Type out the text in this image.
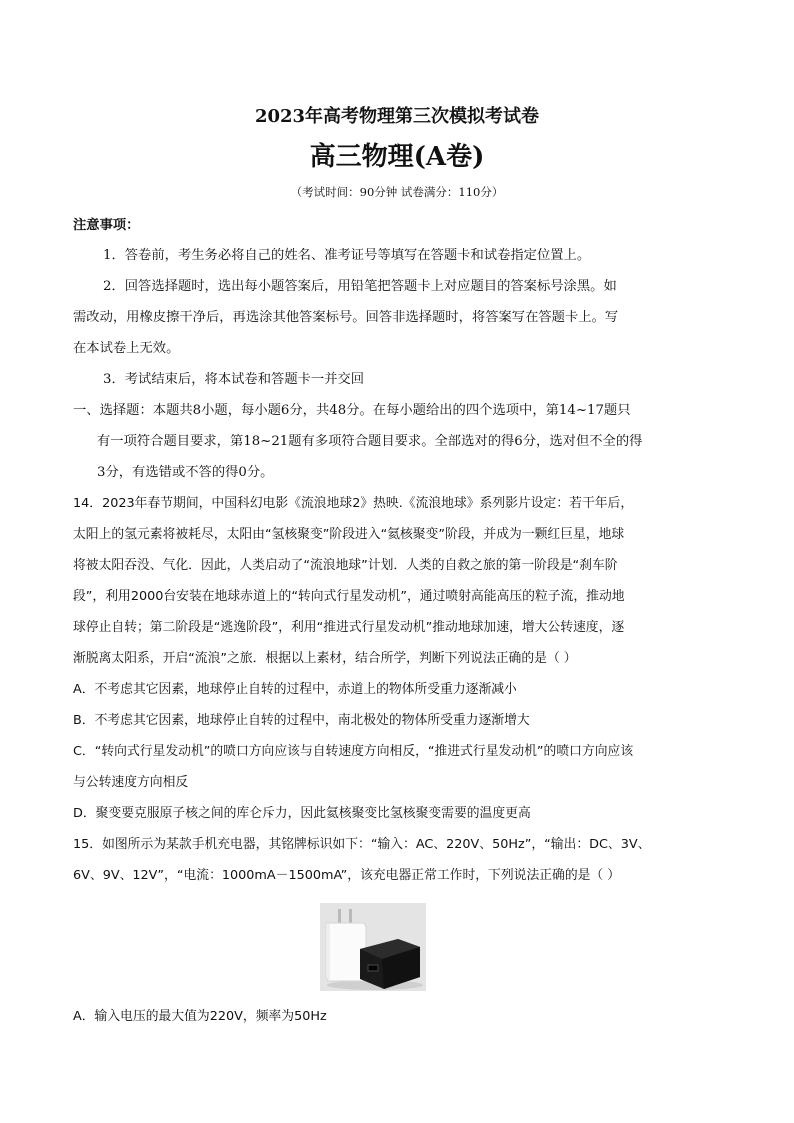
2023年高考物理第三次模拟考试卷
高三物理(A卷)
（考试时间：90分钟 试卷满分：110分）
注意事项：
1．答卷前，考生务必将自己的姓名、准考证号等填写在答题卡和试卷指定位置上。
2．回答选择题时，选出每小题答案后，用铅笔把答题卡上对应题目的答案标号涂黑。如
需改动，用橡皮擦干净后，再选涂其他答案标号。回答非选择题时，将答案写在答题卡上。写
在本试卷上无效。
3．考试结束后，将本试卷和答题卡一并交回
一、选择题：本题共8小题，每小题6分，共48分。在每小题给出的四个选项中，第14~17题只
有一项符合题目要求，第18~21题有多项符合题目要求。全部选对的得6分，选对但不全的得
3分，有选错或不答的得0分。
14．2023年春节期间，中国科幻电影《流浪地球2》热映.《流浪地球》系列影片设定：若干年后，
太阳上的氢元素将被耗尽，太阳由“氢核聚变”阶段进入“氦核聚变”阶段，并成为一颗红巨星，地球
将被太阳吞没、气化．因此，人类启动了“流浪地球”计划．人类的自救之旅的第一阶段是“刹车阶
段”，利用2000台安装在地球赤道上的“转向式行星发动机”，通过喷射高能高压的粒子流，推动地
球停止自转；第二阶段是“逃逸阶段”，利用“推进式行星发动机”推动地球加速，增大公转速度，逐
渐脱离太阳系，开启“流浪”之旅．根据以上素材，结合所学，判断下列说法正确的是（ ）
A．不考虑其它因素，地球停止自转的过程中，赤道上的物体所受重力逐渐减小
B．不考虑其它因素，地球停止自转的过程中，南北极处的物体所受重力逐渐增大
C．“转向式行星发动机”的喷口方向应该与自转速度方向相反，“推进式行星发动机”的喷口方向应该
与公转速度方向相反
D．聚变要克服原子核之间的库仑斥力，因此氦核聚变比氢核聚变需要的温度更高
15．如图所示为某款手机充电器，其铭牌标识如下：“输入：AC、220V、50Hz”，“输出：DC、3V、
6V、9V、12V”，“电流：1000mA－1500mA”，该充电器正常工作时，下列说法正确的是（ ）
A．输入电压的最大值为220V，频率为50Hz
